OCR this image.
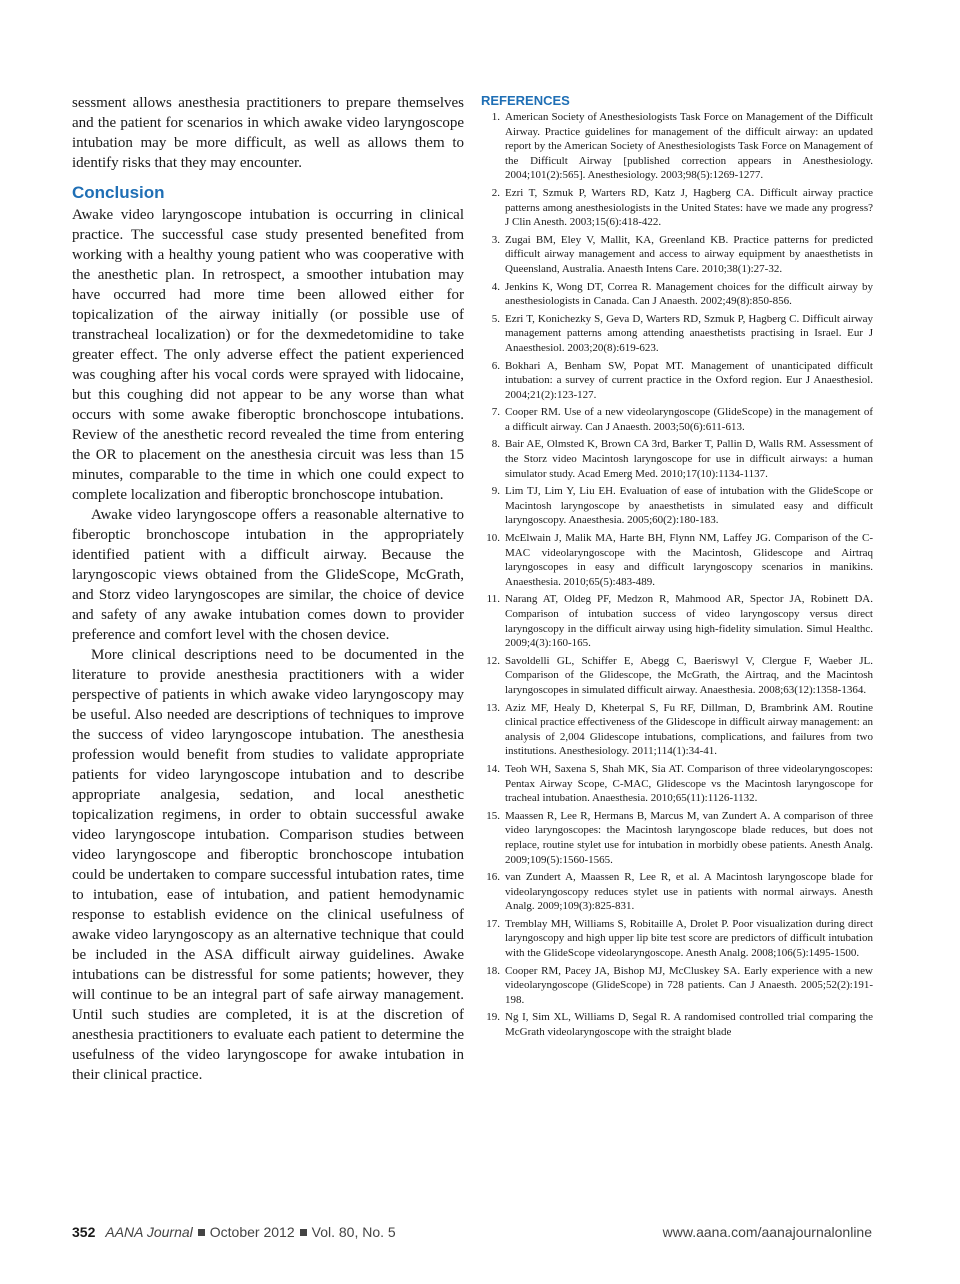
sessment allows anesthesia practitioners to prepare themselves and the patient for scenarios in which awake video laryngoscope intubation may be more difficult, as well as allows them to identify risks that they may encounter.

Conclusion

Awake video laryngoscope intubation is occurring in clinical practice. The successful case study presented benefited from working with a healthy young patient who was cooperative with the anesthetic plan. In retrospect, a smoother intubation may have occurred had more time been allowed either for topicalization of the airway initially (or possible use of transtracheal localization) or for the dexmedetomidine to take greater effect. The only adverse effect the patient experienced was coughing after his vocal cords were sprayed with lidocaine, but this coughing did not appear to be any worse than what occurs with some awake fiberoptic bronchoscope intubations. Review of the anesthetic record revealed the time from entering the OR to placement on the anesthesia circuit was less than 15 minutes, comparable to the time in which one could expect to complete localization and fiberoptic bronchoscope intubation.

Awake video laryngoscope offers a reasonable alternative to fiberoptic bronchoscope intubation in the appropriately identified patient with a difficult airway. Because the laryngoscopic views obtained from the GlideScope, McGrath, and Storz video laryngoscopes are similar, the choice of device and safety of any awake intubation comes down to provider preference and comfort level with the chosen device.

More clinical descriptions need to be documented in the literature to provide anesthesia practitioners with a wider perspective of patients in which awake video laryngoscopy may be useful. Also needed are descriptions of techniques to improve the success of video laryngoscope intubation. The anesthesia profession would benefit from studies to validate appropriate patients for video laryngoscope intubation and to describe appropriate analgesia, sedation, and local anesthetic topicalization regimens, in order to obtain successful awake video laryngoscope intubation. Comparison studies between video laryngoscope and fiberoptic bronchoscope intubation could be undertaken to compare successful intubation rates, time to intubation, ease of intubation, and patient hemodynamic response to establish evidence on the clinical usefulness of awake video laryngoscopy as an alternative technique that could be included in the ASA difficult airway guidelines. Awake intubations can be distressful for some patients; however, they will continue to be an integral part of safe airway management. Until such studies are completed, it is at the discretion of anesthesia practitioners to evaluate each patient to determine the usefulness of the video laryngoscope for awake intubation in their clinical practice.

REFERENCES
1. American Society of Anesthesiologists Task Force on Management of the Difficult Airway. Practice guidelines for management of the difficult airway: an updated report by the American Society of Anesthesiologists Task Force on Management of the Difficult Airway [published correction appears in Anesthesiology. 2004;101(2):565]. Anesthesiology. 2003;98(5):1269-1277.
2. Ezri T, Szmuk P, Warters RD, Katz J, Hagberg CA. Difficult airway practice patterns among anesthesiologists in the United States: have we made any progress? J Clin Anesth. 2003;15(6):418-422.
3. Zugai BM, Eley V, Mallit, KA, Greenland KB. Practice patterns for predicted difficult airway management and access to airway equipment by anaesthetists in Queensland, Australia. Anaesth Intens Care. 2010;38(1):27-32.
4. Jenkins K, Wong DT, Correa R. Management choices for the difficult airway by anesthesiologists in Canada. Can J Anaesth. 2002;49(8):850-856.
5. Ezri T, Konichezky S, Geva D, Warters RD, Szmuk P, Hagberg C. Difficult airway management patterns among attending anaesthetists practising in Israel. Eur J Anaesthesiol. 2003;20(8):619-623.
6. Bokhari A, Benham SW, Popat MT. Management of unanticipated difficult intubation: a survey of current practice in the Oxford region. Eur J Anaesthesiol. 2004;21(2):123-127.
7. Cooper RM. Use of a new videolaryngoscope (GlideScope) in the management of a difficult airway. Can J Anaesth. 2003;50(6):611-613.
8. Bair AE, Olmsted K, Brown CA 3rd, Barker T, Pallin D, Walls RM. Assessment of the Storz video Macintosh laryngoscope for use in difficult airways: a human simulator study. Acad Emerg Med. 2010;17(10):1134-1137.
9. Lim TJ, Lim Y, Liu EH. Evaluation of ease of intubation with the GlideScope or Macintosh laryngoscope by anaesthetists in simulated easy and difficult laryngoscopy. Anaesthesia. 2005;60(2):180-183.
10. McElwain J, Malik MA, Harte BH, Flynn NM, Laffey JG. Comparison of the C-MAC videolaryngoscope with the Macintosh, Glidescope and Airtraq laryngoscopes in easy and difficult laryngoscopy scenarios in manikins. Anaesthesia. 2010;65(5):483-489.
11. Narang AT, Oldeg PF, Medzon R, Mahmood AR, Spector JA, Robinett DA. Comparison of intubation success of video laryngoscopy versus direct laryngoscopy in the difficult airway using high-fidelity simulation. Simul Healthc. 2009;4(3):160-165.
12. Savoldelli GL, Schiffer E, Abegg C, Baeriswyl V, Clergue F, Waeber JL. Comparison of the Glidescope, the McGrath, the Airtraq, and the Macintosh laryngoscopes in simulated difficult airway. Anaesthesia. 2008;63(12):1358-1364.
13. Aziz MF, Healy D, Kheterpal S, Fu RF, Dillman, D, Brambrink AM. Routine clinical practice effectiveness of the Glidescope in difficult airway management: an analysis of 2,004 Glidescope intubations, complications, and failures from two institutions. Anesthesiology. 2011;114(1):34-41.
14. Teoh WH, Saxena S, Shah MK, Sia AT. Comparison of three videolaryngoscopes: Pentax Airway Scope, C-MAC, Glidescope vs the Macintosh laryngoscope for tracheal intubation. Anaesthesia. 2010;65(11):1126-1132.
15. Maassen R, Lee R, Hermans B, Marcus M, van Zundert A. A comparison of three video laryngoscopes: the Macintosh laryngoscope blade reduces, but does not replace, routine stylet use for intubation in morbidly obese patients. Anesth Analg. 2009;109(5):1560-1565.
16. van Zundert A, Maassen R, Lee R, et al. A Macintosh laryngoscope blade for videolaryngoscopy reduces stylet use in patients with normal airways. Anesth Analg. 2009;109(3):825-831.
17. Tremblay MH, Williams S, Robitaille A, Drolet P. Poor visualization during direct laryngoscopy and high upper lip bite test score are predictors of difficult intubation with the GlideScope videolaryngoscope. Anesth Analg. 2008;106(5):1495-1500.
18. Cooper RM, Pacey JA, Bishop MJ, McCluskey SA. Early experience with a new videolaryngoscope (GlideScope) in 728 patients. Can J Anaesth. 2005;52(2):191-198.
19. Ng I, Sim XL, Williams D, Segal R. A randomised controlled trial comparing the McGrath videolaryngoscope with the straight blade
352 AANA Journal October 2012 Vol. 80, No. 5	www.aana.com/aanajournalonline
